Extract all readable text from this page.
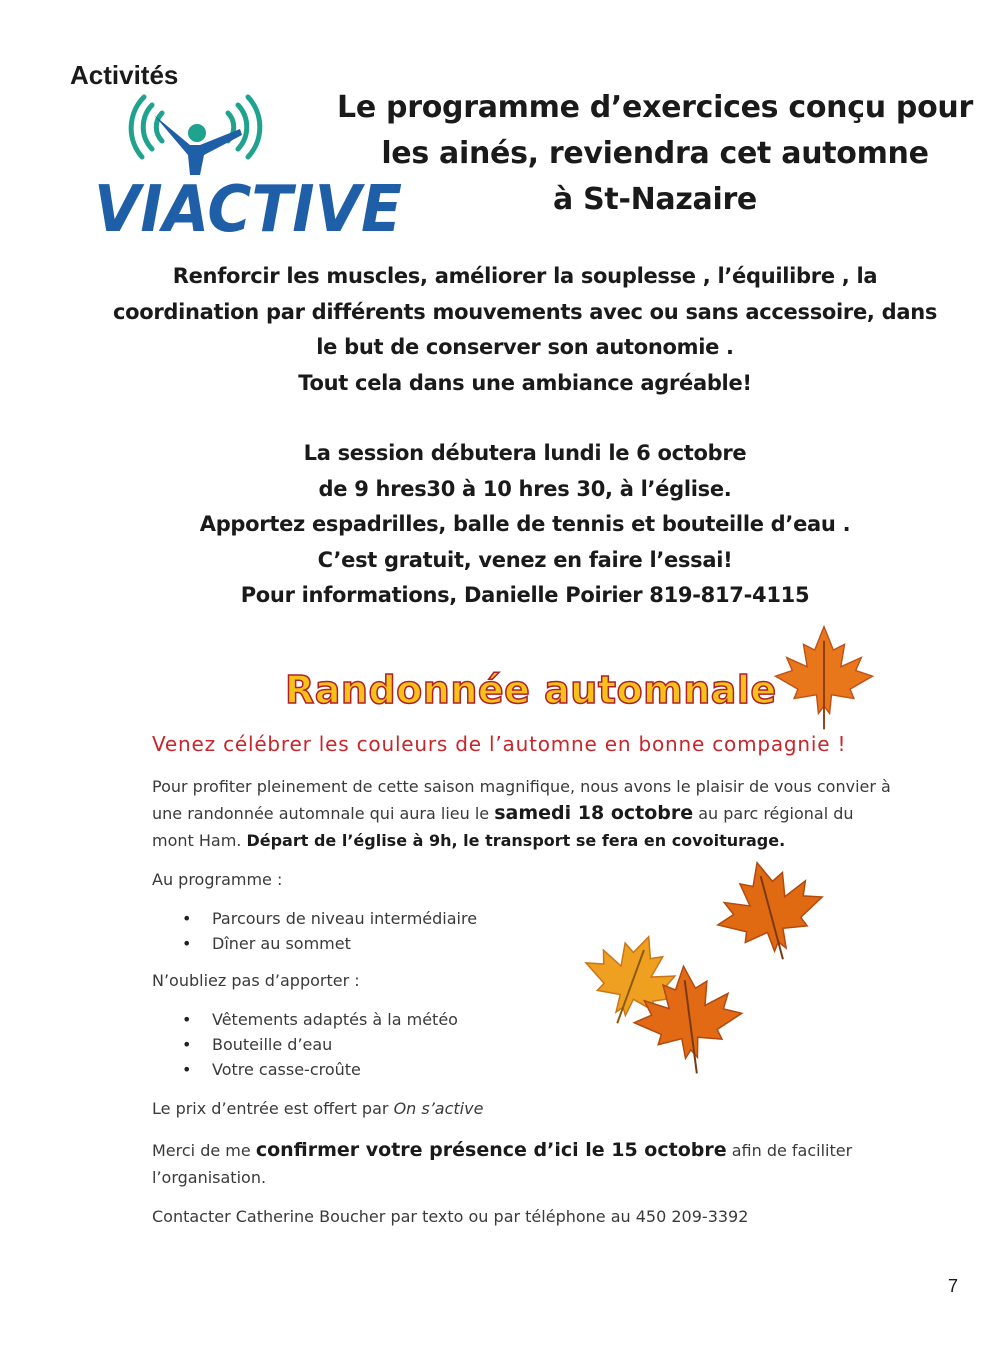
Activités
VIACTIVE
Le programme d’exercices conçu pour
les ainés, reviendra cet automne
à St-Nazaire
Renforcir les muscles, améliorer la souplesse , l’équilibre , la
coordination par différents mouvements avec ou sans accessoire, dans
le but de conserver son autonomie .
Tout cela dans une ambiance agréable!
La session débutera lundi le 6 octobre
de 9 hres30 à 10 hres 30, à l’église.
Apportez espadrilles, balle de tennis et bouteille d’eau .
C’est gratuit, venez en faire l’essai!
Pour informations, Danielle Poirier 819-817-4115
Randonnée automnale
Venez célébrer les couleurs de l’automne en bonne compagnie !
Pour profiter pleinement de cette saison magnifique, nous avons le plaisir de vous convier à une randonnée automnale qui aura lieu le samedi 18 octobre au parc régional du mont Ham. Départ de l’église à 9h, le transport se fera en covoiturage.
Au programme :
• Parcours de niveau intermédiaire
• Dîner au sommet
N’oubliez pas d’apporter :
• Vêtements adaptés à la météo
• Bouteille d’eau
• Votre casse-croûte
Le prix d’entrée est offert par On s’active
Merci de me confirmer votre présence d’ici le 15 octobre afin de faciliter l’organisation.
Contacter Catherine Boucher par texto ou par téléphone au 450 209-3392
7
